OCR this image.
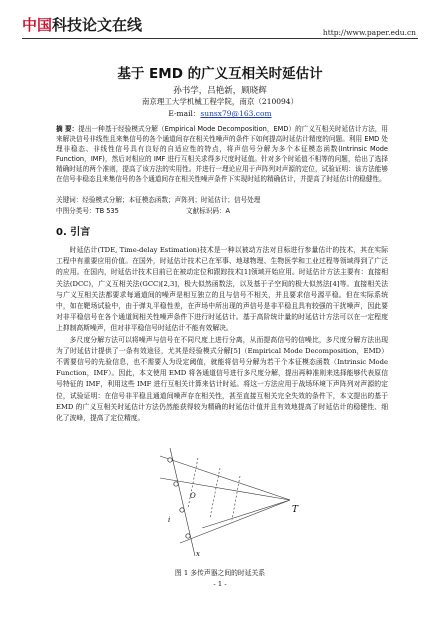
中国科技论文在线	http://www.paper.edu.cn
基于 EMD 的广义互相关时延估计
孙书学，吕艳新，顾晓辉
南京理工大学机械工程学院，南京（210094）
E-mail：sunsx79@163.com
摘 要：提出一种基于经验模式分解（Empirical Mode Decomposition，EMD）的广义互相关时延估计方法，用来解决信号非线性且来集信号的各个通道间存在相关性噪声的条件下如何提高时延估计精度的问题。利用 EMD 处理非稳态、非线性信号具有良好的自适应性的特点，将声信号分解为多个本征模态函数(Intrinsic Mode Function，IMF)，然后对相应的 IMF 进行互相关求得多尺度时延值。针对多个时延值不相等的问题，给出了选择精确时延的两个准则，提高了该方法的实用性。并进行一理论应用于声阵列对声源的定位，试验证明：该方法能够在信号非稳态且来集信号的各个通道间存在相关性噪声条件下实现时延的精确估计，并提高了时延估计的稳健性。
关键词：经验模式分解；本征模态函数；声阵列；时延估计；信号处理
中图分类号：TB 535	文献标识码：A
0. 引言

时延估计(TDE, Time-delay Estimation)技术是一种以被动方法对目标进行参量估计的技术，其在实际工程中有重要应用价值。在国外，时延估计技术已在军事、地球物理、生物医学和工业过程等领域得到了广泛的应用。在国内，时延估计技术目前已在被动定位和跟踪技术[1]领域开始应用。时延估计方法主要有：直接相关法(DCC)，广义互相关法(GCC)[2,3]，极大似然函数法，以及基于子空间的极大似然法[4]等。直接相关法与广义互相关法都要求每通道间的噪声是相互独立的且与信号不相关，并且要求信号源平稳。但在实际系统中，如在靶场试验中，由于弹丸平稳性差，在声场中所出现的声信号是非平稳且具有较强的干扰噪声，因此要对非平稳信号在各个通道间相关性噪声条件下进行时延估计。基于高阶统计量的时延估计方法可以在一定程度上抑制高斯噪声，但对非平稳信号时延估计不能有效解决。

多尺度分解方法可以将噪声与信号在不同尺度上进行分离，从而提高信号的信噪比，多尺度分解方法出现为了时延估计提供了一条有效途径，尤其是经验模式分解[5]（Empirical Mode Decomposition，EMD）不需要信号的先验信息，也不需要人为设定阈值，就能将信号分解为若干个本征模态函数（Intrinsic Mode Function，IMF）。因此，本文使用 EMD 将各通道信号进行多尺度分解，提出再种准则来选择能够代表原信号特征的 IMF，利用这些 IMF 进行互相关计算来估计时延。将这一方法应用于战场环境下声阵列对声源的定位，试验证明：在信号非平稳且通道间噪声存在相关性，甚至直接互相关完全失效的条件下，本文提出的基于 EMD 的广义互相关时延估计方法仍然能获得较为精确的时延估计值并且有效地提高了时延估计的稳健性、细化了波峰，提高了定位精度。

T
O
i
x
图 1 多传声器之间的时延关系
- 1 -
